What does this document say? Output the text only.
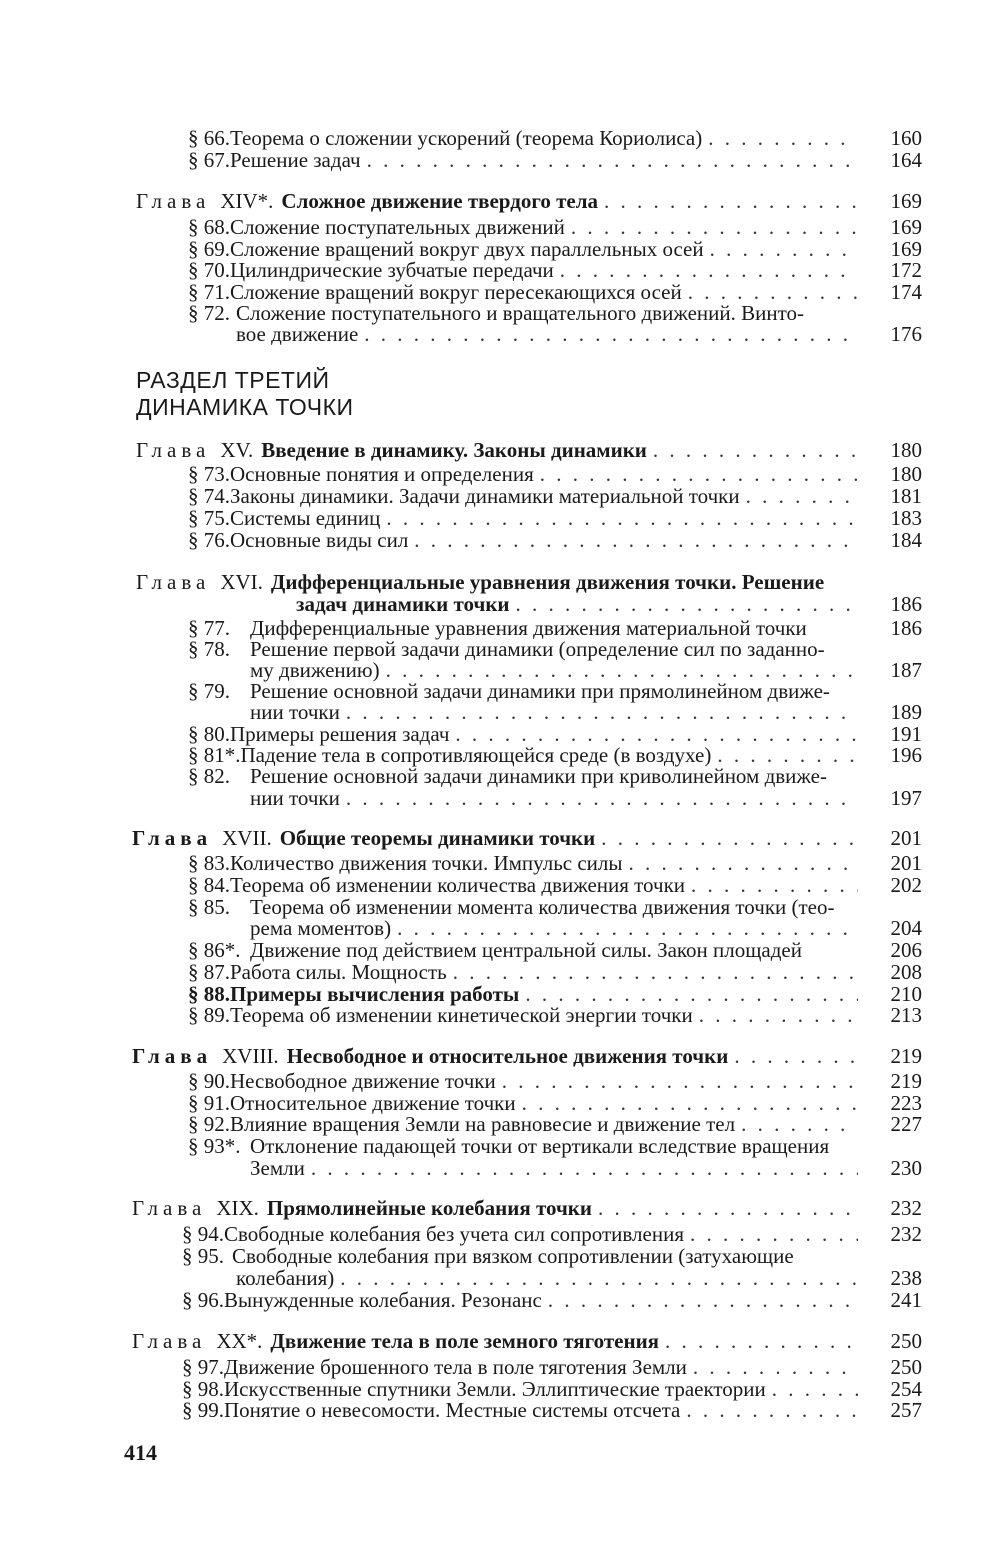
§ 66. Теорема о сложении ускорений (теорема Кориолиса) . . .	160
§ 67. Решение задач . . .	164
Глава XIV*. Сложное движение твердого тела . . .	169
§ 68. Сложение поступательных движений . . .	169
§ 69. Сложение вращений вокруг двух параллельных осей . . .	169
§ 70. Цилиндрические зубчатые передачи . . .	172
§ 71. Сложение вращений вокруг пересекающихся осей . . .	174
§ 72. Сложение поступательного и вращательного движений. Винто-
вое движение . . .	176
РАЗДЕЛ ТРЕТИЙ
ДИНАМИКА ТОЧКИ
Глава XV. Введение в динамику. Законы динамики . . .	180
§ 73. Основные понятия и определения . . .	180
§ 74. Законы динамики. Задачи динамики материальной точки . . .	181
§ 75. Системы единиц . . .	183
§ 76. Основные виды сил . . .	184
Глава XVI. Дифференциальные уравнения движения точки. Решение
задач динамики точки . . .	186
§ 77. Дифференциальные уравнения движения материальной точки	186
§ 78. Решение первой задачи динамики (определение сил по заданно-
му движению) . . .	187
§ 79. Решение основной задачи динамики при прямолинейном движе-
нии точки . . .	189
§ 80. Примеры решения задач . . .	191
§ 81*. Падение тела в сопротивляющейся среде (в воздухе) . . .	196
§ 82. Решение основной задачи динамики при криволинейном движе-
нии точки . . .	197
Глава XVII. Общие теоремы динамики точки . . .	201
§ 83. Количество движения точки. Импульс силы . . .	201
§ 84. Теорема об изменении количества движения точки . . .	202
§ 85. Теорема об изменении момента количества движения точки (тео-
рема моментов) . . .	204
§ 86*. Движение под действием центральной силы. Закон площадей	206
§ 87. Работа силы. Мощность . . .	208
§ 88. Примеры вычисления работы . . .	210
§ 89. Теорема об изменении кинетической энергии точки . . .	213
Глава XVIII. Несвободное и относительное движения точки . . .	219
§ 90. Несвободное движение точки . . .	219
§ 91. Относительное движение точки . . .	223
§ 92. Влияние вращения Земли на равновесие и движение тел . . .	227
§ 93*. Отклонение падающей точки от вертикали вследствие вращения
Земли . . .	230
Глава XIX. Прямолинейные колебания точки . . .	232
§ 94. Свободные колебания без учета сил сопротивления . . .	232
§ 95. Свободные колебания при вязком сопротивлении (затухающие
колебания) . . .	238
§ 96. Вынужденные колебания. Резонанс . . .	241
Глава XX*. Движение тела в поле земного тяготения . . .	250
§ 97. Движение брошенного тела в поле тяготения Земли . . .	250
§ 98. Искусственные спутники Земли. Эллиптические траектории . . .	254
§ 99. Понятие о невесомости. Местные системы отсчета . . .	257
414
